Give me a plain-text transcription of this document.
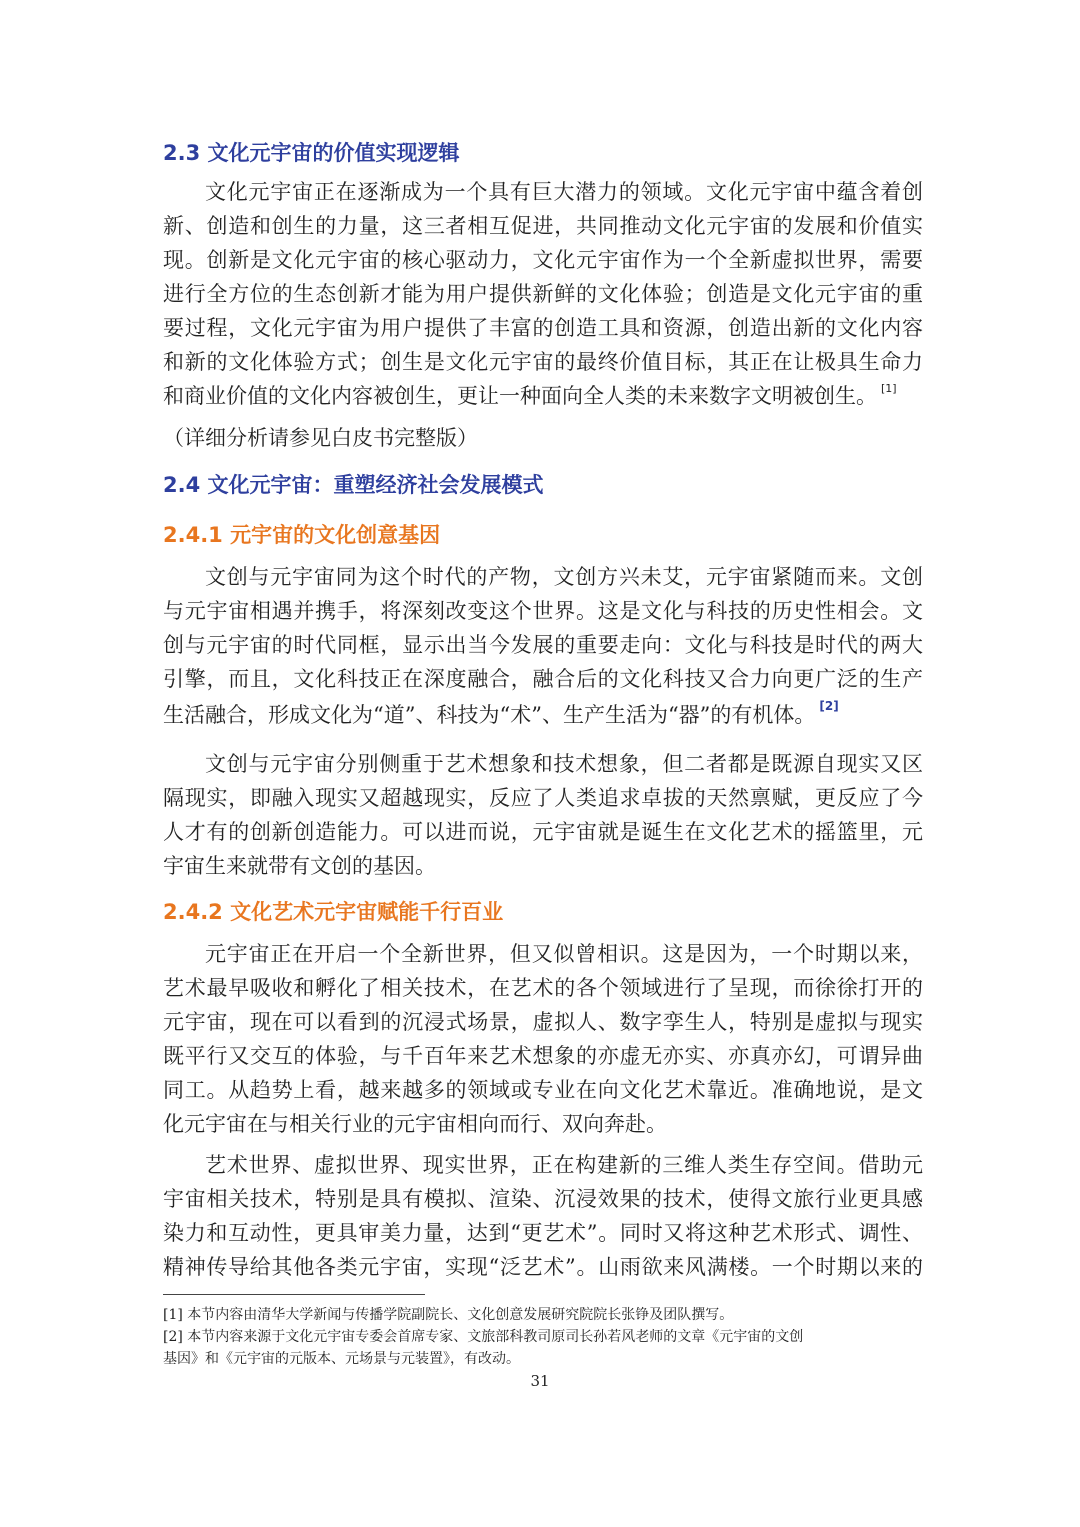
2.3 文化元宇宙的价值实现逻辑
文化元宇宙正在逐渐成为一个具有巨大潜力的领域。文化元宇宙中蕴含着创
新、创造和创生的力量，这三者相互促进，共同推动文化元宇宙的发展和价值实
现。创新是文化元宇宙的核心驱动力，文化元宇宙作为一个全新虚拟世界，需要
进行全方位的生态创新才能为用户提供新鲜的文化体验；创造是文化元宇宙的重
要过程，文化元宇宙为用户提供了丰富的创造工具和资源，创造出新的文化内容
和新的文化体验方式；创生是文化元宇宙的最终价值目标，其正在让极具生命力
和商业价值的文化内容被创生，更让一种面向全人类的未来数字文明被创生。 [1]

（详细分析请参见白皮书完整版）

2.4 文化元宇宙：重塑经济社会发展模式
2.4.1 元宇宙的文化创意基因
文创与元宇宙同为这个时代的产物，文创方兴未艾，元宇宙紧随而来。文创
与元宇宙相遇并携手，将深刻改变这个世界。这是文化与科技的历史性相会。文
创与元宇宙的时代同框，显示出当今发展的重要走向：文化与科技是时代的两大
引擎，而且，文化科技正在深度融合，融合后的文化科技又合力向更广泛的生产
生活融合，形成文化为“道”、科技为“术”、生产生活为“器”的有机体。 [2]
文创与元宇宙分别侧重于艺术想象和技术想象，但二者都是既源自现实又区
隔现实，即融入现实又超越现实，反应了人类追求卓拔的天然禀赋，更反应了今
人才有的创新创造能力。可以进而说，元宇宙就是诞生在文化艺术的摇篮里，元
宇宙生来就带有文创的基因。
2.4.2 文化艺术元宇宙赋能千行百业
元宇宙正在开启一个全新世界，但又似曾相识。这是因为，一个时期以来，
艺术最早吸收和孵化了相关技术，在艺术的各个领域进行了呈现，而徐徐打开的
元宇宙，现在可以看到的沉浸式场景，虚拟人、数字孪生人，特别是虚拟与现实
既平行又交互的体验，与千百年来艺术想象的亦虚无亦实、亦真亦幻，可谓异曲
同工。从趋势上看，越来越多的领域或专业在向文化艺术靠近。准确地说，是文
化元宇宙在与相关行业的元宇宙相向而行、双向奔赴。
艺术世界、虚拟世界、现实世界，正在构建新的三维人类生存空间。借助元
宇宙相关技术，特别是具有模拟、渲染、沉浸效果的技术，使得文旅行业更具感
染力和互动性，更具审美力量，达到“更艺术”。同时又将这种艺术形式、调性、
精神传导给其他各类元宇宙，实现“泛艺术”。山雨欲来风满楼。一个时期以来的

[1] 本节内容由清华大学新闻与传播学院副院长、文化创意发展研究院院长张铮及团队撰写。

[2] 本节内容来源于文化元宇宙专委会首席专家、文旅部科教司原司长孙若风老师的文章《元宇宙的文创

基因》和《元宇宙的元版本、元场景与元装置》，有改动。

31
